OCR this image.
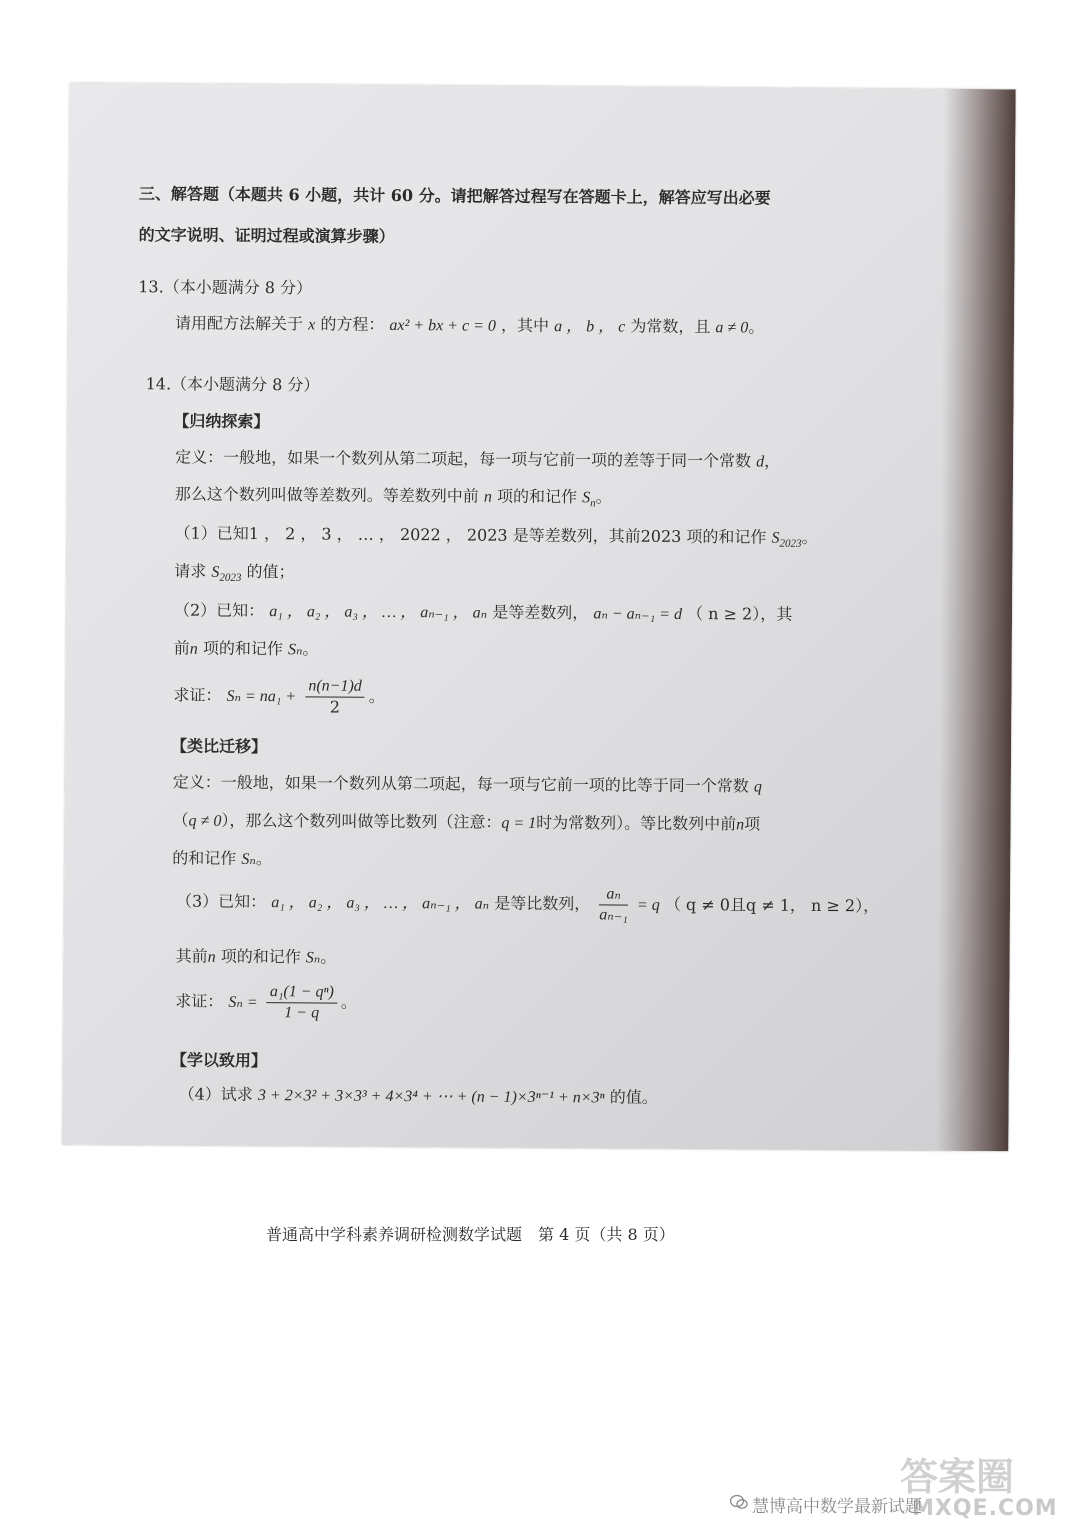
三、解答题（本题共 6 小题，共计 60 分。请把解答过程写在答题卡上，解答应写出必要
的文字说明、证明过程或演算步骤）
13.（本小题满分 8 分）
请用配方法解关于 x 的方程： ax² + bx + c = 0 ，其中 a ， b ， c 为常数，且 a ≠ 0。
14.（本小题满分 8 分）
【归纳探索】
定义：一般地，如果一个数列从第二项起，每一项与它前一项的差等于同一个常数 d，
那么这个数列叫做等差数列。等差数列中前 n 项的和记作 $S_n$。
（1）已知1 ， 2 ， 3 ， … ， 2022 ， 2023 是等差数列，其前2023 项的和记作 $S_{2023}$。
请求 $S_{2023}$ 的值；
（2）已知： a₁ ， a₂ ， a₃ ， … ， aₙ₋₁ ， aₙ 是等差数列， aₙ − aₙ₋₁ = d （ n ≥ 2），其
前n 项的和记作 Sₙ。
求证： $S_n = na_1 + \frac{n(n-1)d}{2}$ 。
【类比迁移】
定义：一般地，如果一个数列从第二项起，每一项与它前一项的比等于同一个常数 q
（q ≠ 0），那么这个数列叫做等比数列（注意：q = 1时为常数列）。等比数列中前n项
的和记作 Sₙ。
（3）已知： a₁ ， a₂ ， a₃ ， … ， aₙ₋₁ ， aₙ 是等比数列， $\frac{\text{aₙ}}{\text{aₙ₋₁}} = q$ （ q ≠ 0且q ≠ 1， n ≥ 2），
其前n 项的和记作 Sₙ。
求证： $S_n = \frac{\text{a₁(1 − qⁿ)}}{1 - q}$ 。
【学以致用】
（4）试求 3 + 2×3² + 3×3³ + 4×3⁴ + ⋯ + (n − 1)×3ⁿ⁻¹ + n×3ⁿ 的值。
普通高中学科素养调研检测数学试题　第 4 页（共 8 页）
答案圈
MXQE.COM
慧博高中数学最新试题
